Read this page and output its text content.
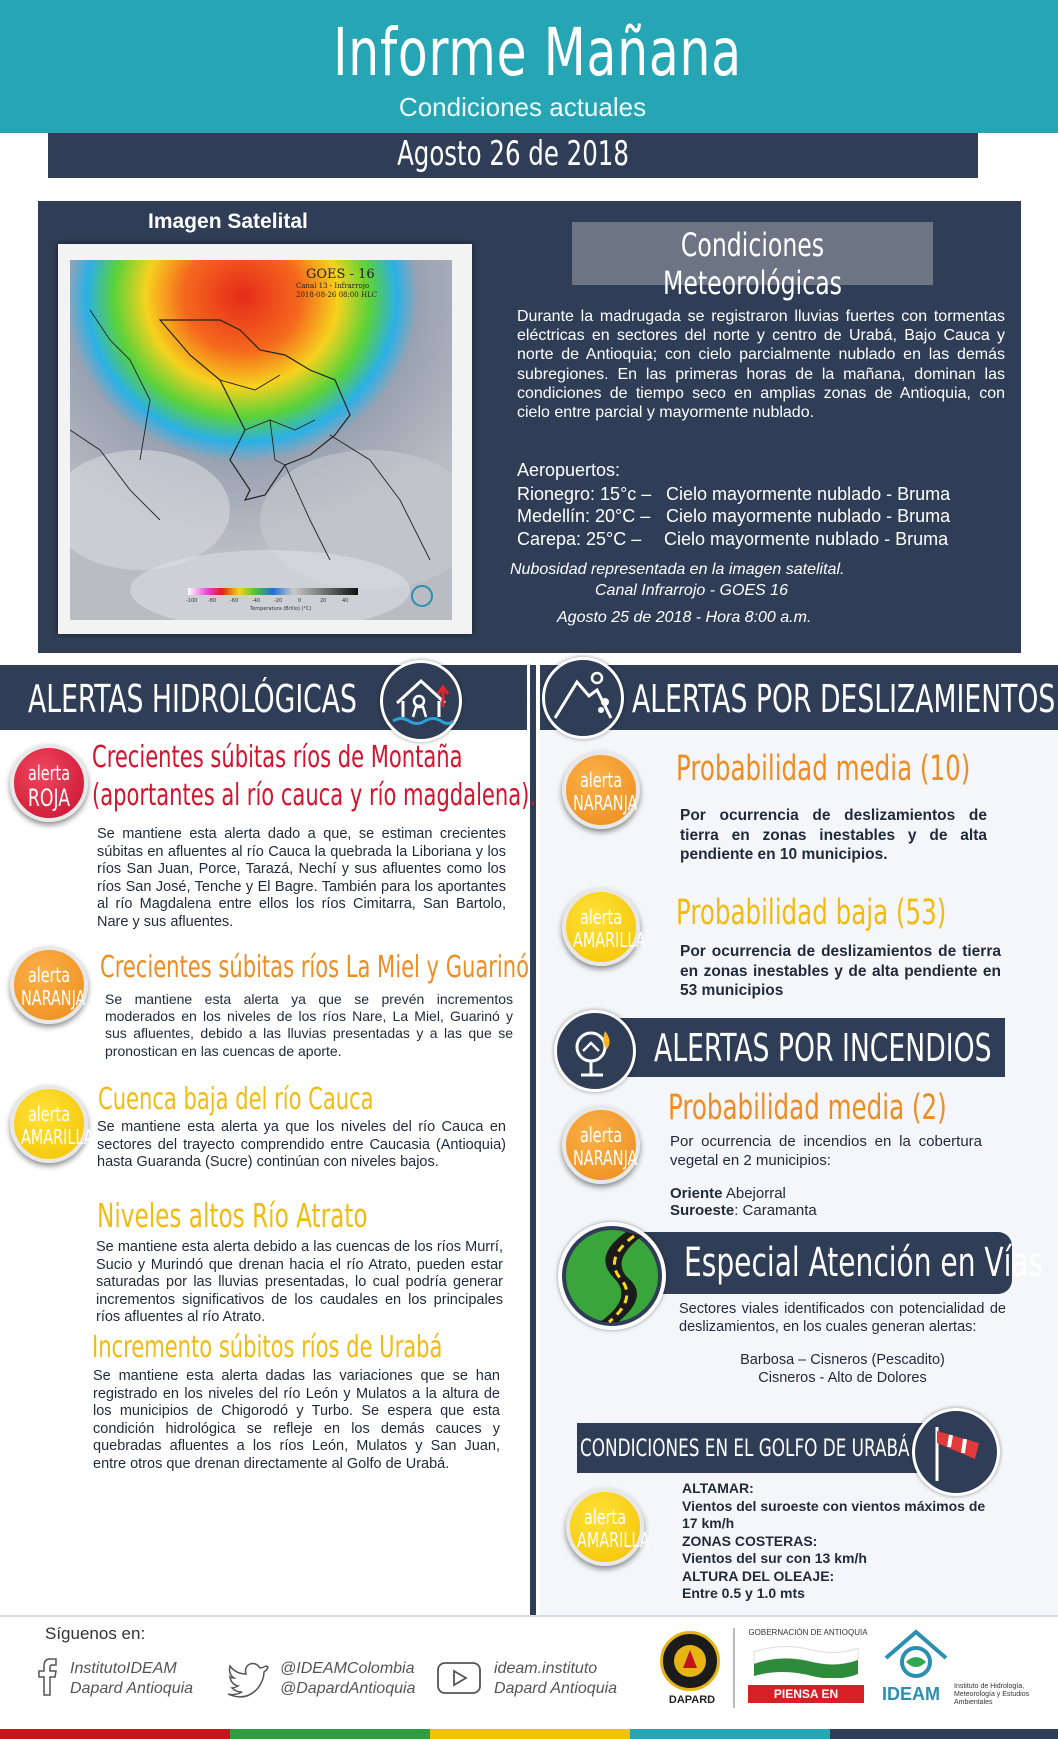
Informe Mañana
Condiciones actuales
Agosto 26 de 2018
Imagen Satelital
GOES - 16
Canal 13 - Infrarrojo
2018-08-26 08:00 HLC
-100 -80	-60	-40	-20	0	20	40
Temperatura (Brillo) (°C)
Condiciones Meteorológicas
Durante la madrugada se registraron lluvias fuertes con tormentas eléctricas en sectores del norte y centro de Urabá, Bajo Cauca y norte de Antioquia; con cielo parcialmente nublado en las demás subregiones. En las primeras horas de la mañana, dominan las condiciones de tiempo seco en amplias zonas de Antioquia, con cielo entre parcial y mayormente nublado.
Aeropuertos:
Rionegro: 15°c – Cielo mayormente nublado - Bruma
Medellín: 20°C – Cielo mayormente nublado - Bruma
Carepa: 25°C – Cielo mayormente nublado - Bruma
Nubosidad representada en la imagen satelital.
Canal Infrarrojo - GOES 16
Agosto 25 de 2018 - Hora 8:00 a.m.
ALERTAS HIDROLÓGICAS
alerta
ROJA
Crecientes súbitas ríos de Montaña
(aportantes al río cauca y río magdalena).
Se mantiene esta alerta dado a que, se estiman crecientes súbitas en afluentes al río Cauca la quebrada la Liboriana y los ríos San Juan, Porce, Tarazá, Nechí y sus afluentes como los ríos San José, Tenche y El Bagre. También para los aportantes al río Magdalena entre ellos los ríos Cimitarra, San Bartolo, Nare y sus afluentes.
alerta
NARANJA
Crecientes súbitas ríos La Miel y Guarinó
Se mantiene esta alerta ya que se prevén incrementos moderados en los niveles de los ríos Nare, La Miel, Guarinó y sus afluentes, debido a las lluvias presentadas y a las que se pronostican en las cuencas de aporte.
alerta
AMARILLA
Cuenca baja del río Cauca
Se mantiene esta alerta ya que los niveles del río Cauca en sectores del trayecto comprendido entre Caucasia (Antioquia) hasta Guaranda (Sucre) continúan con niveles bajos.
Niveles altos Río Atrato
Se mantiene esta alerta debido a las cuencas de los ríos Murrí, Sucio y Murindó que drenan hacia el río Atrato, pueden estar saturadas por las lluvias presentadas, lo cual podría generar incrementos significativos de los caudales en los principales ríos afluentes al río Atrato.
Incremento súbitos ríos de Urabá
Se mantiene esta alerta dadas las variaciones que se han registrado en los niveles del río León y Mulatos a la altura de los municipios de Chigorodó y Turbo. Se espera que esta condición hidrológica se refleje en los demás cauces y quebradas afluentes a los ríos León, Mulatos y San Juan, entre otros que drenan directamente al Golfo de Urabá.
ALERTAS POR DESLIZAMIENTOS
alerta
NARANJA
Probabilidad media (10)
Por ocurrencia de deslizamientos de tierra en zonas inestables y de alta pendiente en 10 municipios.
alerta
AMARILLA
Probabilidad baja (53)
Por ocurrencia de deslizamientos de tierra en zonas inestables y de alta pendiente en 53 municipios
ALERTAS POR INCENDIOS
alerta
NARANJA
Probabilidad media (2)
Por ocurrencia de incendios en la cobertura vegetal en 2 municipios:
Oriente Abejorral
Suroeste: Caramanta
Especial Atención en Vías
Sectores viales identificados con potencialidad de deslizamientos, en los cuales generan alertas:
Barbosa – Cisneros (Pescadito)
Cisneros - Alto de Dolores
CONDICIONES EN EL GOLFO DE URABÁ
alerta
AMARILLA
ALTAMAR:
Vientos del suroeste con vientos máximos de 17 km/h
ZONAS COSTERAS:
Vientos del sur con 13 km/h
ALTURA DEL OLEAJE:
Entre 0.5 y 1.0 mts
Síguenos en:
InstitutoIDEAM
Dapard Antioquia
@IDEAMColombia
@DapardAntioquia
ideam.instituto
Dapard Antioquia
DAPARD
GOBERNACIÓN DE ANTIOQUIA
PIENSA EN GRANDE
IDEAM Instituto de Hidrología, Meteorología y Estudios Ambientales
